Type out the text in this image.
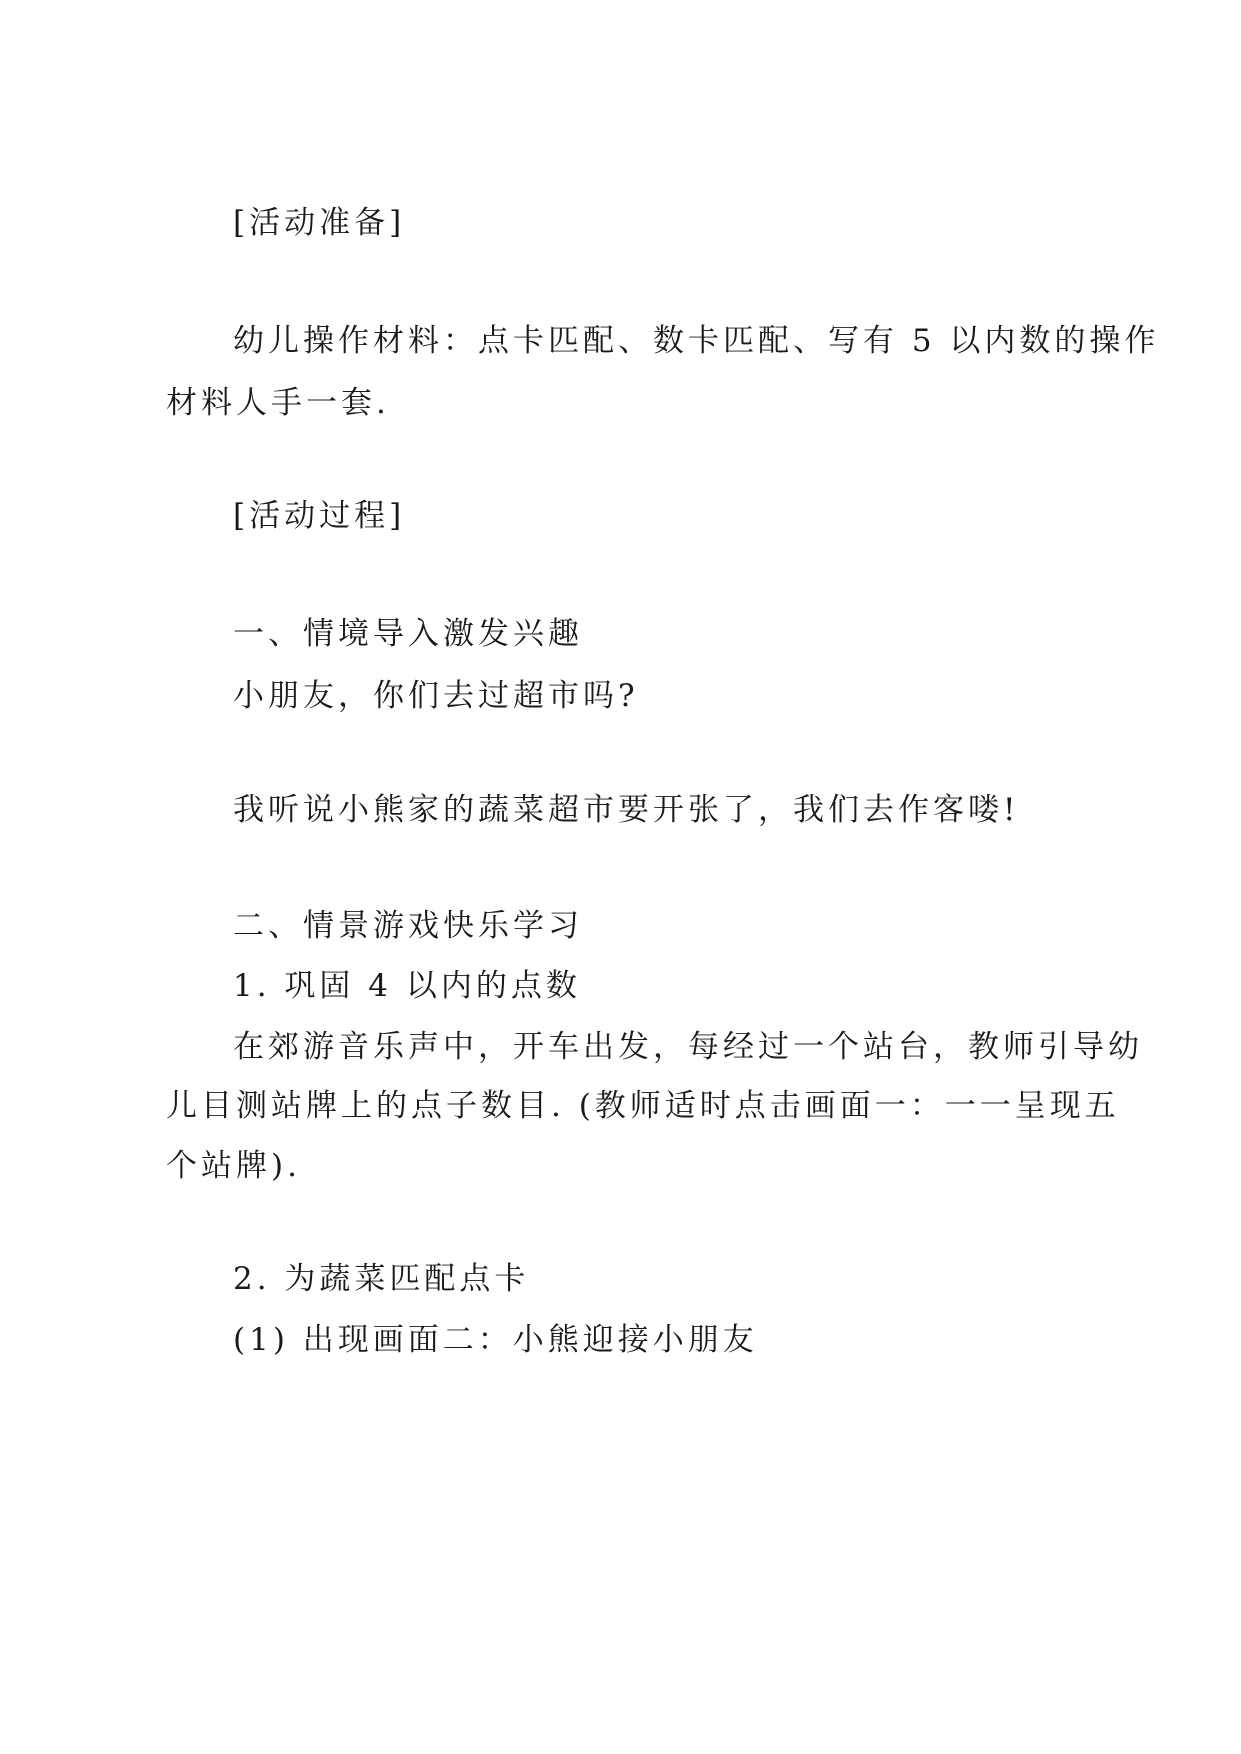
[活动准备]
幼儿操作材料：点卡匹配、数卡匹配、写有 5 以内数的操作
材料人手一套.
[活动过程]
一、情境导入激发兴趣
小朋友，你们去过超市吗?
我听说小熊家的蔬菜超市要开张了，我们去作客喽!
二、情景游戏快乐学习
1. 巩固 4 以内的点数
在郊游音乐声中，开车出发，每经过一个站台，教师引导幼
儿目测站牌上的点子数目. (教师适时点击画面一：一一呈现五
个站牌).
2. 为蔬菜匹配点卡
(1) 出现画面二：小熊迎接小朋友
